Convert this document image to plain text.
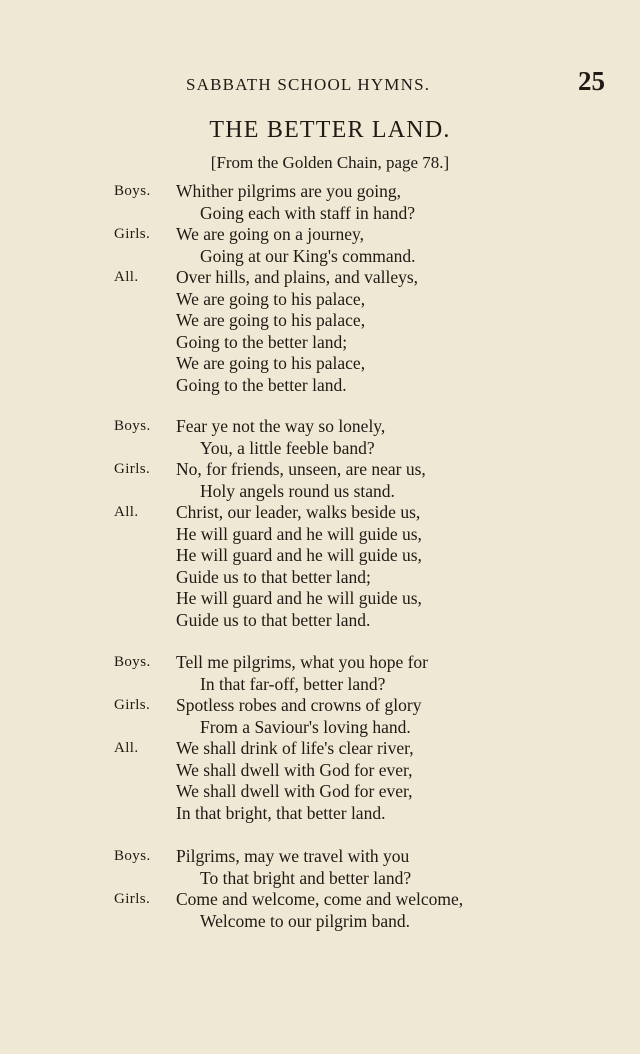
SABBATH SCHOOL HYMNS.	25
THE BETTER LAND.
[From the Golden Chain, page 78.]
Boys. Whither pilgrims are you going,
Going each with staff in hand?
Girls. We are going on a journey,
Going at our King's command.
All. Over hills, and plains, and valleys,
We are going to his palace,
We are going to his palace,
Going to the better land;
We are going to his palace,
Going to the better land.
Boys. Fear ye not the way so lonely,
You, a little feeble band?
Girls. No, for friends, unseen, are near us,
Holy angels round us stand.
All. Christ, our leader, walks beside us,
He will guard and he will guide us,
He will guard and he will guide us,
Guide us to that better land;
He will guard and he will guide us,
Guide us to that better land.
Boys. Tell me pilgrims, what you hope for
In that far-off, better land?
Girls. Spotless robes and crowns of glory
From a Saviour's loving hand.
All. We shall drink of life's clear river,
We shall dwell with God for ever,
We shall dwell with God for ever,
In that bright, that better land.
Boys. Pilgrims, may we travel with you
To that bright and better land?
Girls. Come and welcome, come and welcome,
Welcome to our pilgrim band.
